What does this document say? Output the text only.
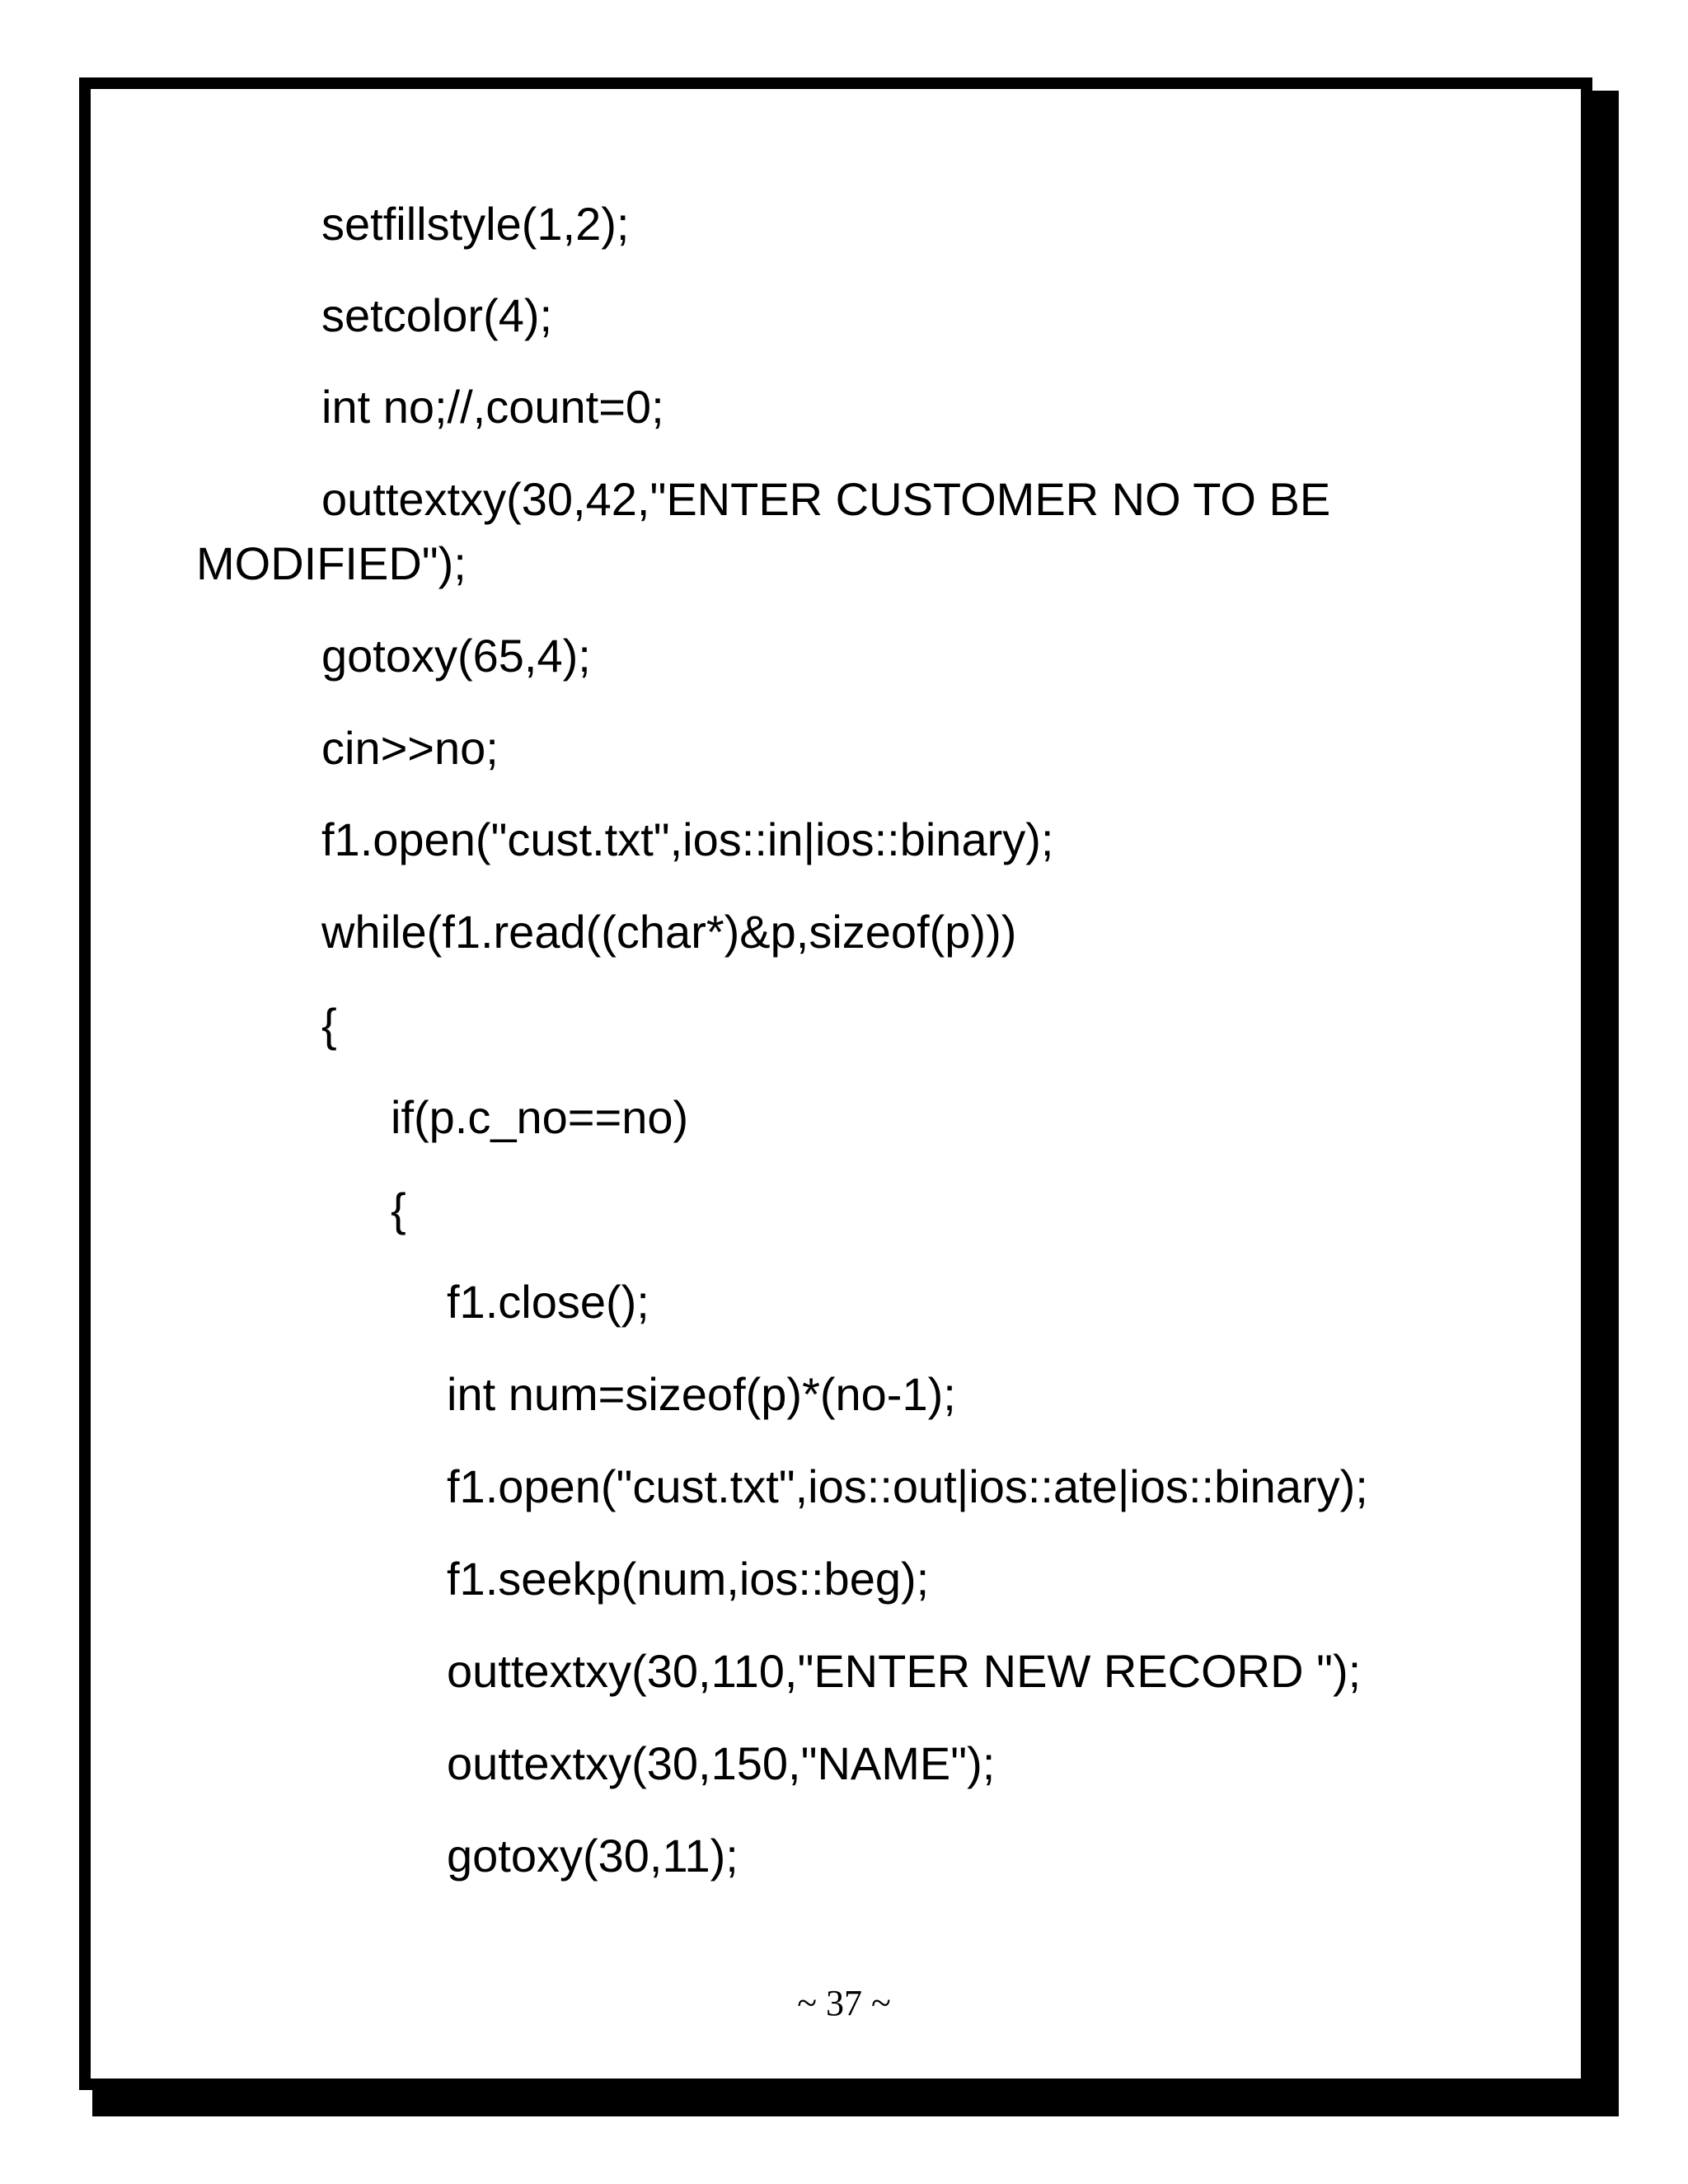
setfillstyle(1,2);
setcolor(4);
int no;//,count=0;
outtextxy(30,42,"ENTER CUSTOMER NO TO BE
MODIFIED");
gotoxy(65,4);
cin>>no;
f1.open("cust.txt",ios::in|ios::binary);
while(f1.read((char*)&p,sizeof(p)))
{
if(p.c_no==no)
{
f1.close();
int num=sizeof(p)*(no-1);
f1.open("cust.txt",ios::out|ios::ate|ios::binary);
f1.seekp(num,ios::beg);
outtextxy(30,110,"ENTER NEW RECORD ");
outtextxy(30,150,"NAME");
gotoxy(30,11);
~ 37 ~
